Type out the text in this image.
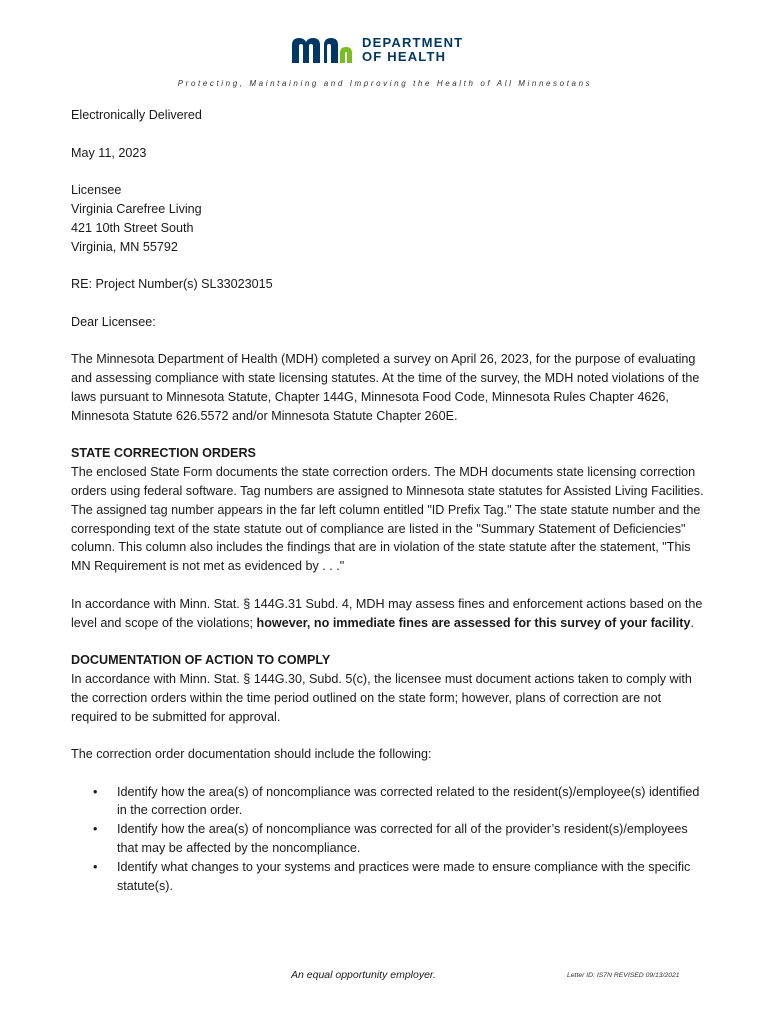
DEPARTMENT
OF HEALTH
Protecting, Maintaining and Improving the Health of All Minnesotans

Electronically Delivered

May 11, 2023

Licensee
Virginia Carefree Living
421 10th Street South
Virginia, MN 55792

RE: Project Number(s) SL33023015

Dear Licensee:

The Minnesota Department of Health (MDH) completed a survey on April 26, 2023, for the purpose of evaluating and assessing compliance with state licensing statutes. At the time of the survey, the MDH noted violations of the laws pursuant to Minnesota Statute, Chapter 144G, Minnesota Food Code, Minnesota Rules Chapter 4626, Minnesota Statute 626.5572 and/or Minnesota Statute Chapter 260E.

STATE CORRECTION ORDERS

The enclosed State Form documents the state correction orders. The MDH documents state licensing correction orders using federal software. Tag numbers are assigned to Minnesota state statutes for Assisted Living Facilities. The assigned tag number appears in the far left column entitled "ID Prefix Tag." The state statute number and the corresponding text of the state statute out of compliance are listed in the "Summary Statement of Deficiencies" column. This column also includes the findings that are in violation of the state statute after the statement, "This MN Requirement is not met as evidenced by . . ."

In accordance with Minn. Stat. § 144G.31 Subd. 4, MDH may assess fines and enforcement actions based on the level and scope of the violations; however, no immediate fines are assessed for this survey of your facility.

DOCUMENTATION OF ACTION TO COMPLY

In accordance with Minn. Stat. § 144G.30, Subd. 5(c), the licensee must document actions taken to comply with the correction orders within the time period outlined on the state form; however, plans of correction are not required to be submitted for approval.

The correction order documentation should include the following:

• Identify how the area(s) of noncompliance was corrected related to the resident(s)/employee(s) identified in the correction order.
• Identify how the area(s) of noncompliance was corrected for all of the provider’s resident(s)/employees that may be affected by the noncompliance.
• Identify what changes to your systems and practices were made to ensure compliance with the specific statute(s).
An equal opportunity employer.	Letter ID: IS7N REVISED 09/13/2021
